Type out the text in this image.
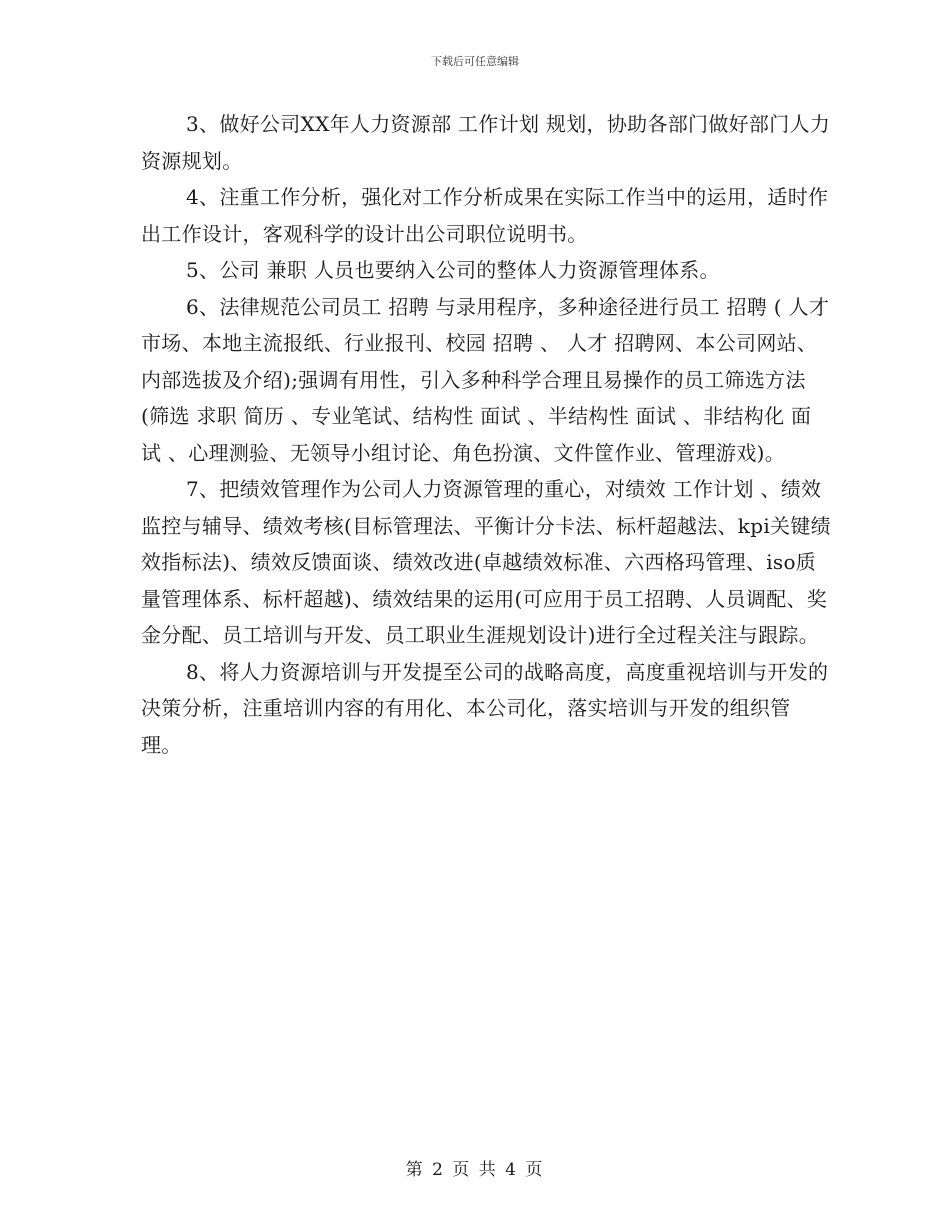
下载后可任意编辑

3、做好公司XX年人力资源部 工作计划 规划，协助各部门做好部门人力资源规划。

4、注重工作分析，强化对工作分析成果在实际工作当中的运用，适时作出工作设计，客观科学的设计出公司职位说明书。

5、公司 兼职 人员也要纳入公司的整体人力资源管理体系。

6、法律规范公司员工 招聘 与录用程序，多种途径进行员工 招聘 ( 人才 市场、本地主流报纸、行业报刊、校园 招聘 、 人才 招聘网、本公司网站、内部选拔及介绍);强调有用性，引入多种科学合理且易操作的员工筛选方法(筛选 求职 简历 、专业笔试、结构性 面试 、半结构性 面试 、非结构化 面试 、心理测验、无领导小组讨论、角色扮演、文件筐作业、管理游戏)。

7、把绩效管理作为公司人力资源管理的重心，对绩效 工作计划 、绩效监控与辅导、绩效考核(目标管理法、平衡计分卡法、标杆超越法、kpi关键绩效指标法)、绩效反馈面谈、绩效改进(卓越绩效标准、六西格玛管理、iso质量管理体系、标杆超越)、绩效结果的运用(可应用于员工招聘、人员调配、奖金分配、员工培训与开发、员工职业生涯规划设计)进行全过程关注与跟踪。

8、将人力资源培训与开发提至公司的战略高度，高度重视培训与开发的决策分析，注重培训内容的有用化、本公司化，落实培训与开发的组织管理。

第 2 页 共 4 页
